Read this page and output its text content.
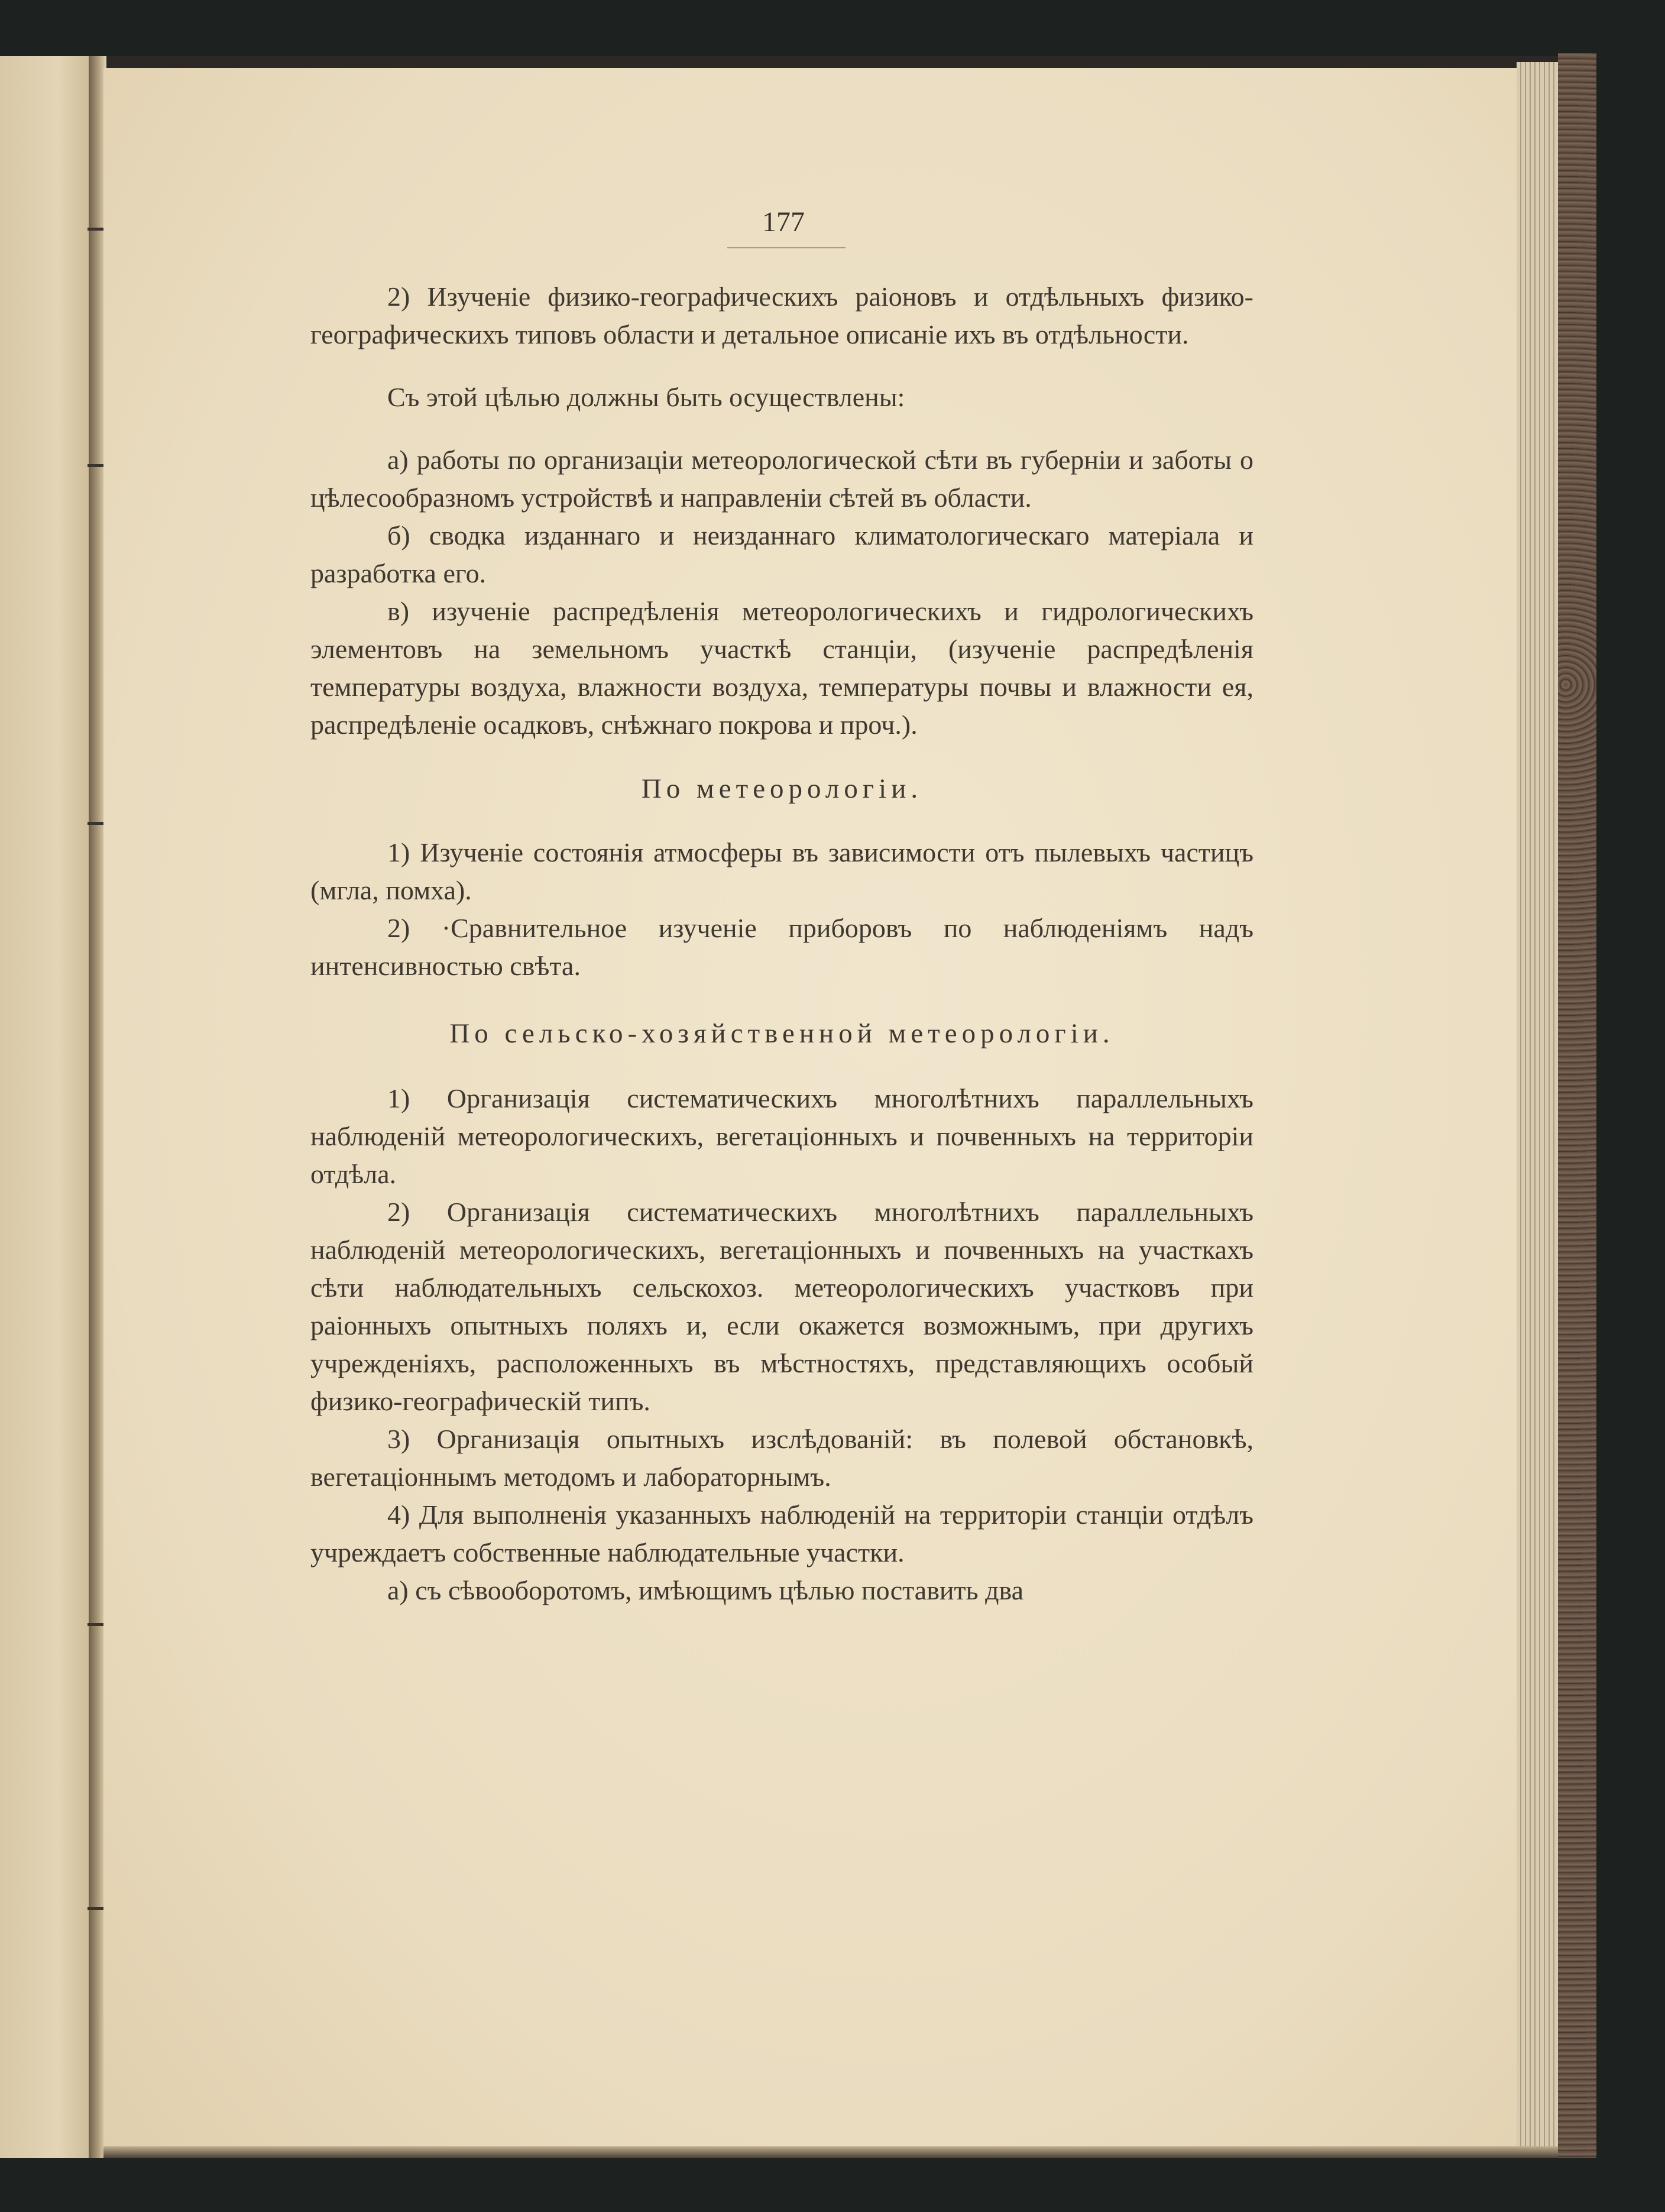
177

2) Изученіе физико-географическихъ раіоновъ и отдѣльныхъ физико-географическихъ типовъ области и детальное описаніе ихъ въ отдѣльности.

Съ этой цѣлью должны быть осуществлены:

а) работы по организаціи метеорологической сѣти въ губерніи и заботы о цѣлесообразномъ устройствѣ и направленіи сѣтей въ области.

б) сводка изданнаго и неизданнаго климатологическаго матеріала и разработка его.

в) изученіе распредѣленія метеорологическихъ и гидрологическихъ элементовъ на земельномъ участкѣ станціи, (изученіе распредѣленія температуры воздуха, влажности воздуха, температуры почвы и влажности ея, распредѣленіе осадковъ, снѣжнаго покрова и проч.).

По метеорологіи.

1) Изученіе состоянія атмосферы въ зависимости отъ пылевыхъ частицъ (мгла, помха).

2) ·Сравнительное изученіе приборовъ по наблюденіямъ надъ интенсивностью свѣта.

По сельско-хозяйственной метеорологіи.

1) Организація систематическихъ многолѣтнихъ параллельныхъ наблюденій метеорологическихъ, вегетаціонныхъ и почвенныхъ на территоріи отдѣла.

2) Организація систематическихъ многолѣтнихъ параллельныхъ наблюденій метеорологическихъ, вегетаціонныхъ и почвенныхъ на участкахъ сѣти наблюдательныхъ сельскохоз. метеорологическихъ участковъ при раіонныхъ опытныхъ поляхъ и, если окажется возможнымъ, при другихъ учрежденіяхъ, расположенныхъ въ мѣстностяхъ, представляющихъ особый физико-географическій типъ.

3) Организація опытныхъ изслѣдованій: въ полевой обстановкѣ, вегетаціоннымъ методомъ и лабораторнымъ.

4) Для выполненія указанныхъ наблюденій на территоріи станціи отдѣлъ учреждаетъ собственные наблюдательные участки.

а) съ сѣвооборотомъ, имѣющимъ цѣлью поставить два
